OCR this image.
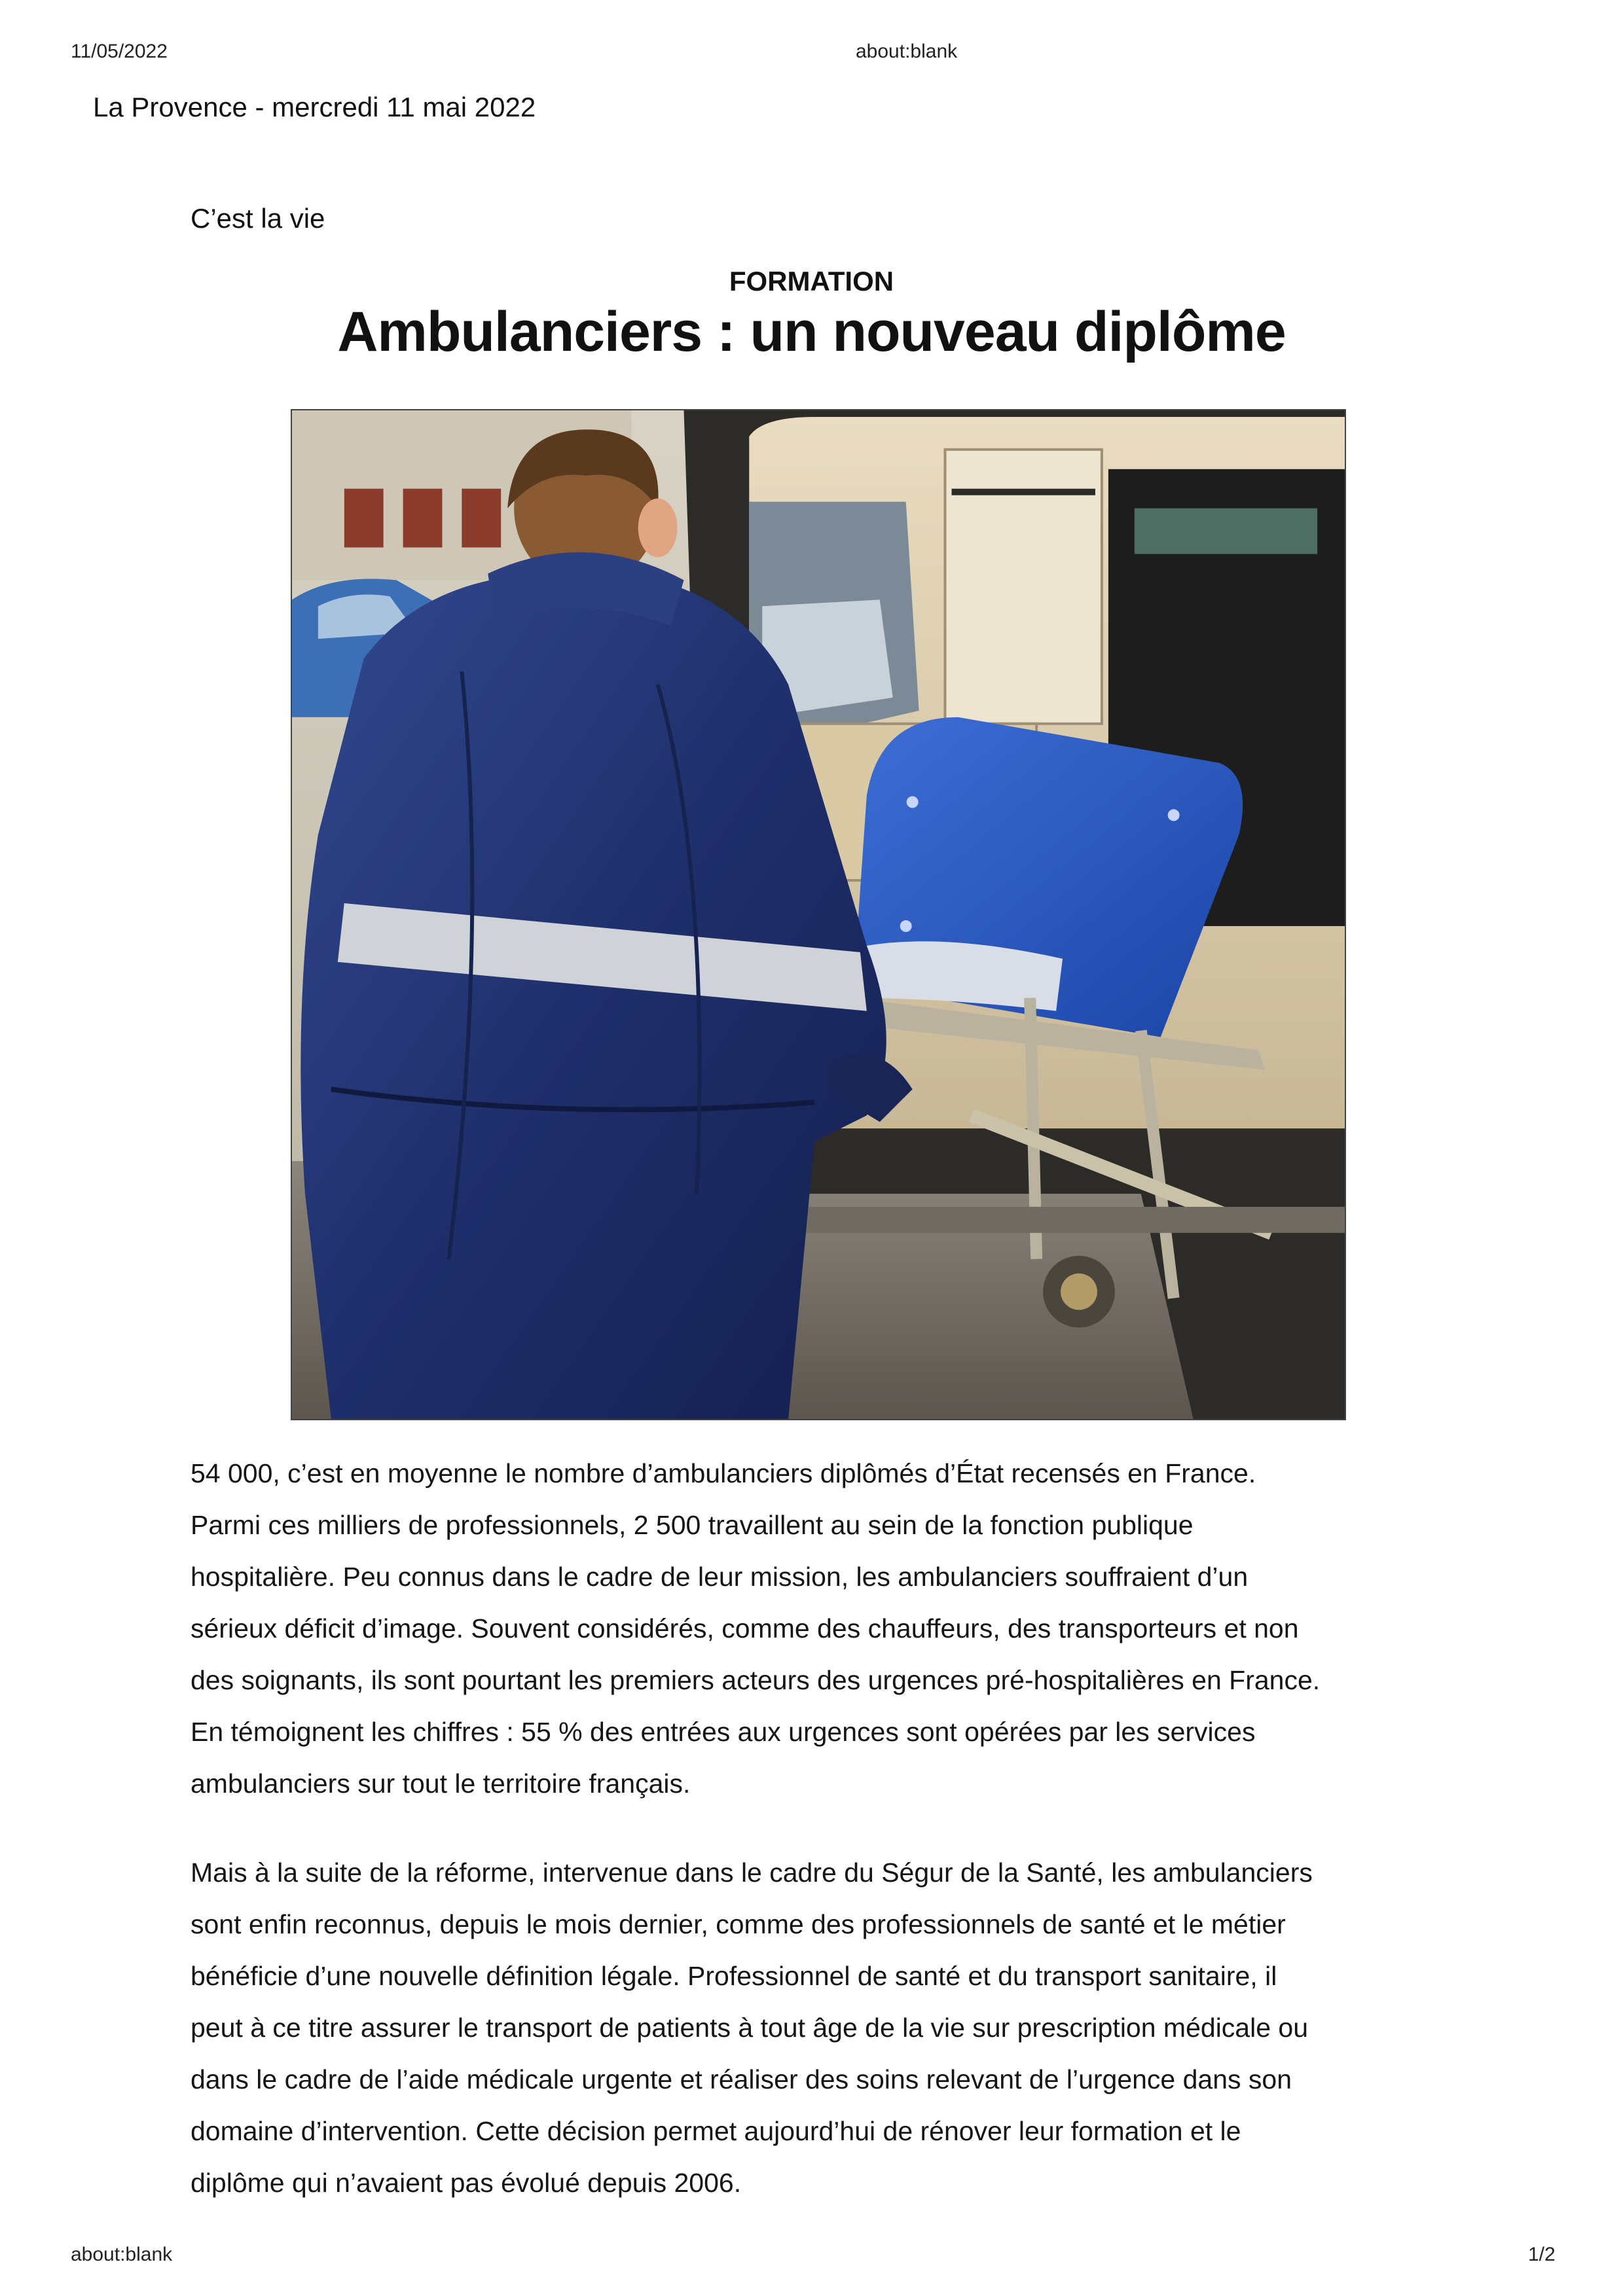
11/05/2022	about:blank
La Provence - mercredi 11 mai 2022
C’est la vie
FORMATION
Ambulanciers : un nouveau diplôme
54 000, c’est en moyenne le nombre d’ambulanciers diplômés d’État recensés en France.
Parmi ces milliers de professionnels, 2 500 travaillent au sein de la fonction publique
hospitalière. Peu connus dans le cadre de leur mission, les ambulanciers souffraient d’un
sérieux déficit d’image. Souvent considérés, comme des chauffeurs, des transporteurs et non
des soignants, ils sont pourtant les premiers acteurs des urgences pré-hospitalières en France.
En témoignent les chiffres : 55 % des entrées aux urgences sont opérées par les services
ambulanciers sur tout le territoire français.
Mais à la suite de la réforme, intervenue dans le cadre du Ségur de la Santé, les ambulanciers
sont enfin reconnus, depuis le mois dernier, comme des professionnels de santé et le métier
bénéficie d’une nouvelle définition légale. Professionnel de santé et du transport sanitaire, il
peut à ce titre assurer le transport de patients à tout âge de la vie sur prescription médicale ou
dans le cadre de l’aide médicale urgente et réaliser des soins relevant de l’urgence dans son
domaine d’intervention. Cette décision permet aujourd’hui de rénover leur formation et le
diplôme qui n’avaient pas évolué depuis 2006.
about:blank	1/2
